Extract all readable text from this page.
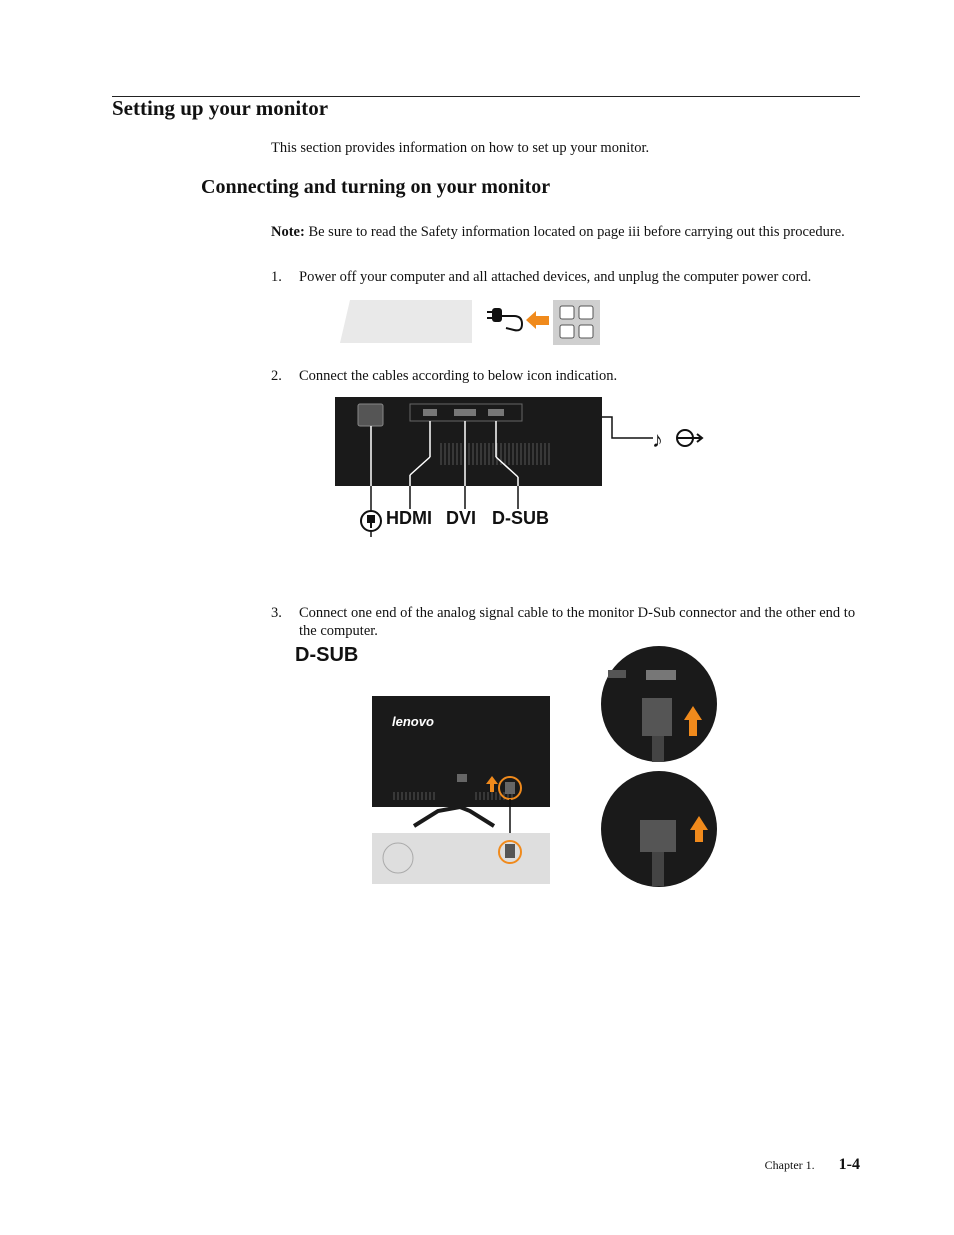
Setting up your monitor
This section provides information on how to set up your monitor.
Connecting and turning on your monitor
Note: Be sure to read the Safety information located on page iii before carrying out this procedure.
1. Power off your computer and all attached devices, and unplug the computer power cord.
2. Connect the cables according to below icon indication.
♪
HDMI DVI D-SUB
3. Connect one end of the analog signal cable to the monitor D-Sub connector and the other end to the computer.
D-SUB
lenovo
Chapter 1. 1-4
